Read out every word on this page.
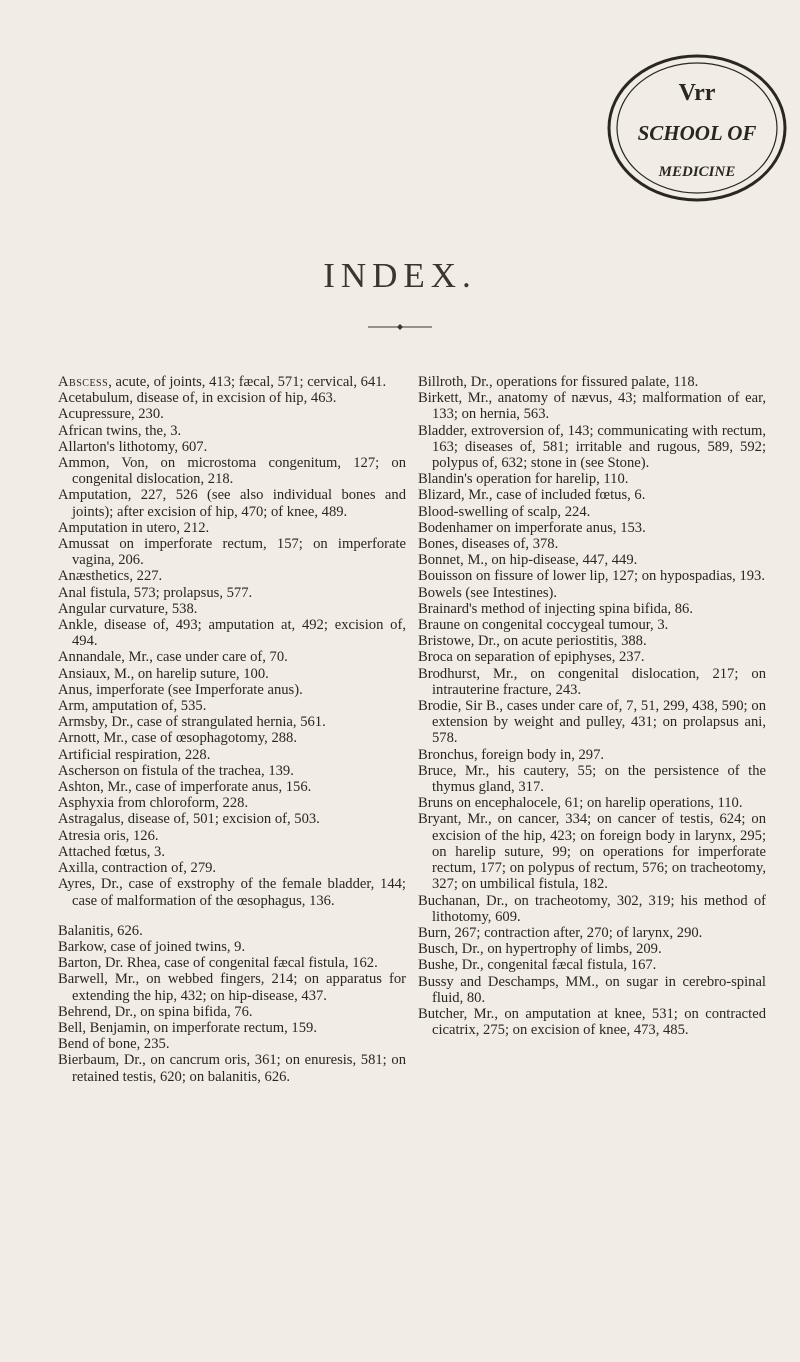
Vrr
SCHOOL OF
MEDICINE
INDEX.

Abscess, acute, of joints, 413; fæcal, 571; cervical, 641.

Acetabulum, disease of, in excision of hip, 463.

Acupressure, 230.

African twins, the, 3.

Allarton's lithotomy, 607.

Ammon, Von, on microstoma congenitum, 127; on congenital dislocation, 218.

Amputation, 227, 526 (see also individual bones and joints); after excision of hip, 470; of knee, 489.

Amputation in utero, 212.

Amussat on imperforate rectum, 157; on imperforate vagina, 206.

Anæsthetics, 227.

Anal fistula, 573; prolapsus, 577.

Angular curvature, 538.

Ankle, disease of, 493; amputation at, 492; excision of, 494.

Annandale, Mr., case under care of, 70.

Ansiaux, M., on harelip suture, 100.

Anus, imperforate (see Imperforate anus).

Arm, amputation of, 535.

Armsby, Dr., case of strangulated hernia, 561.

Arnott, Mr., case of œsophagotomy, 288.

Artificial respiration, 228.

Ascherson on fistula of the trachea, 139.

Ashton, Mr., case of imperforate anus, 156.

Asphyxia from chloroform, 228.

Astragalus, disease of, 501; excision of, 503.

Atresia oris, 126.

Attached fœtus, 3.

Axilla, contraction of, 279.

Ayres, Dr., case of exstrophy of the female bladder, 144; case of malformation of the œsophagus, 136.

Balanitis, 626.

Barkow, case of joined twins, 9.

Barton, Dr. Rhea, case of congenital fæcal fistula, 162.

Barwell, Mr., on webbed fingers, 214; on apparatus for extending the hip, 432; on hip-disease, 437.

Behrend, Dr., on spina bifida, 76.

Bell, Benjamin, on imperforate rectum, 159.

Bend of bone, 235.

Bierbaum, Dr., on cancrum oris, 361; on enuresis, 581; on retained testis, 620; on balanitis, 626.

Billroth, Dr., operations for fissured palate, 118.

Birkett, Mr., anatomy of nævus, 43; malformation of ear, 133; on hernia, 563.

Bladder, extroversion of, 143; communicating with rectum, 163; diseases of, 581; irritable and rugous, 589, 592; polypus of, 632; stone in (see Stone).

Blandin's operation for harelip, 110.

Blizard, Mr., case of included fœtus, 6.

Blood-swelling of scalp, 224.

Bodenhamer on imperforate anus, 153.

Bones, diseases of, 378.

Bonnet, M., on hip-disease, 447, 449.

Bouisson on fissure of lower lip, 127; on hypospadias, 193.

Bowels (see Intestines).

Brainard's method of injecting spina bifida, 86.

Braune on congenital coccygeal tumour, 3.

Bristowe, Dr., on acute periostitis, 388.

Broca on separation of epiphyses, 237.

Brodhurst, Mr., on congenital dislocation, 217; on intrauterine fracture, 243.

Brodie, Sir B., cases under care of, 7, 51, 299, 438, 590; on extension by weight and pulley, 431; on prolapsus ani, 578.

Bronchus, foreign body in, 297.

Bruce, Mr., his cautery, 55; on the persistence of the thymus gland, 317.

Bruns on encephalocele, 61; on harelip operations, 110.

Bryant, Mr., on cancer, 334; on cancer of testis, 624; on excision of the hip, 423; on foreign body in larynx, 295; on harelip suture, 99; on operations for imperforate rectum, 177; on polypus of rectum, 576; on tracheotomy, 327; on umbilical fistula, 182.

Buchanan, Dr., on tracheotomy, 302, 319; his method of lithotomy, 609.

Burn, 267; contraction after, 270; of larynx, 290.

Busch, Dr., on hypertrophy of limbs, 209.

Bushe, Dr., congenital fæcal fistula, 167.

Bussy and Deschamps, MM., on sugar in cerebro-spinal fluid, 80.

Butcher, Mr., on amputation at knee, 531; on contracted cicatrix, 275; on excision of knee, 473, 485.
